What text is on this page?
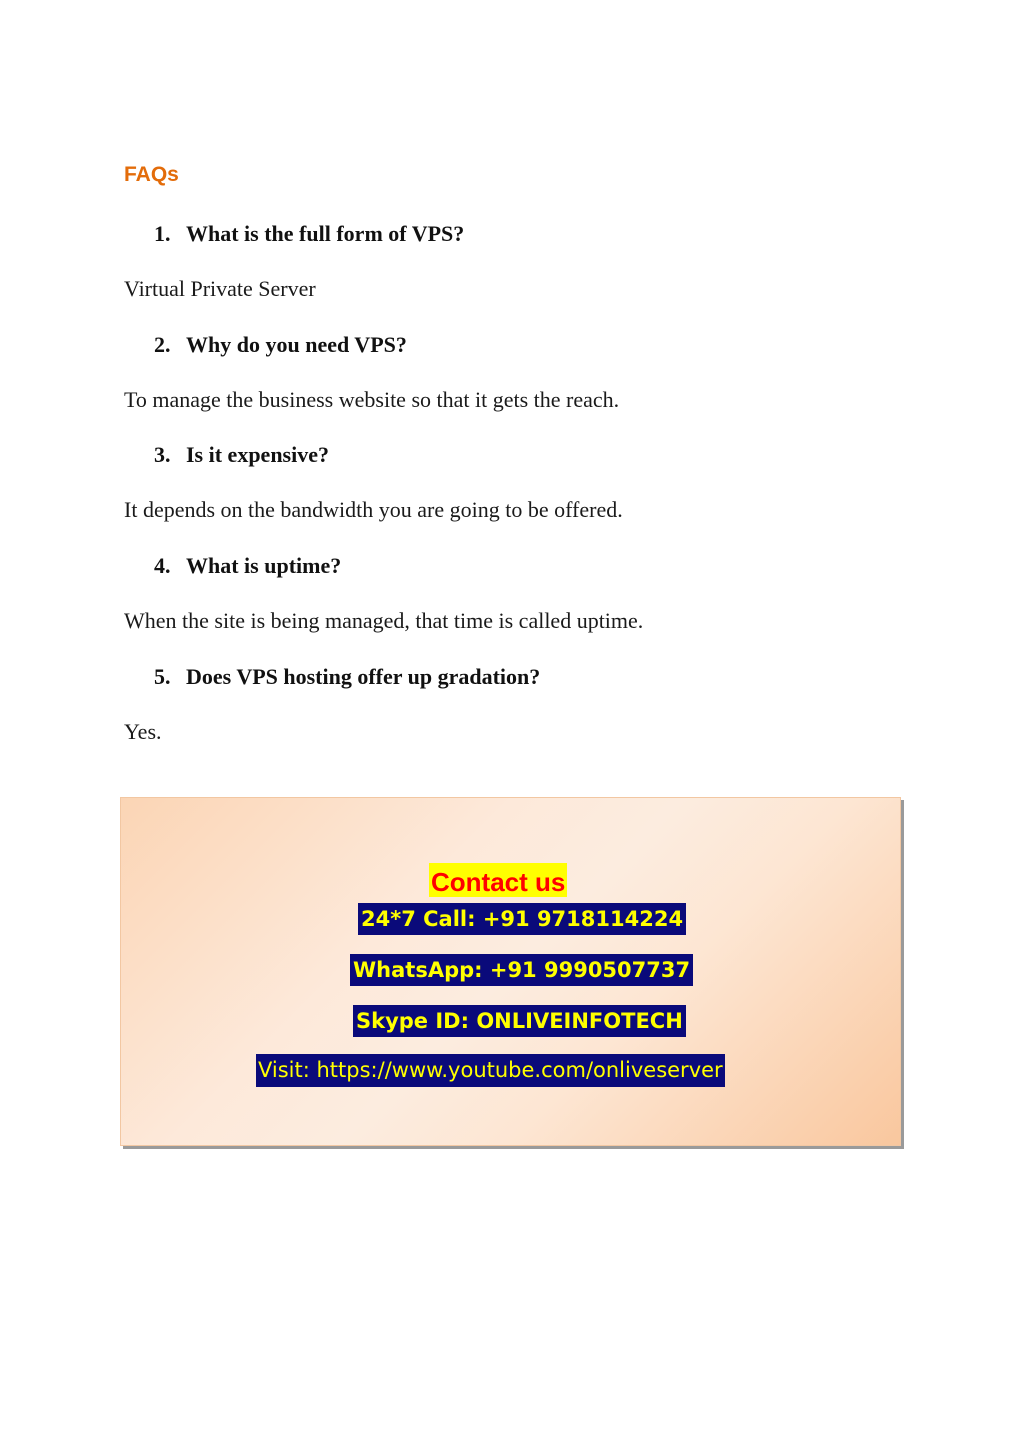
FAQs
1. What is the full form of VPS?
Virtual Private Server
2. Why do you need VPS?
To manage the business website so that it gets the reach.
3. Is it expensive?
It depends on the bandwidth you are going to be offered.
4. What is uptime?
When the site is being managed, that time is called uptime.
5. Does VPS hosting offer up gradation?
Yes.
Contact us
24*7 Call: +91 9718114224
WhatsApp: +91 9990507737
Skype ID: ONLIVEINFOTECH
Visit: https://www.youtube.com/onliveserver
